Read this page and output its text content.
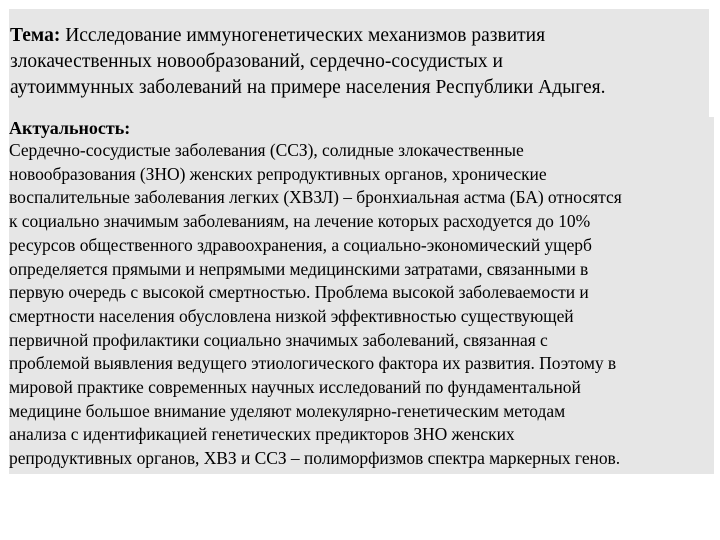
Тема: Исследование иммуногенетических механизмов развития
злокачественных новообразований, сердечно-сосудистых и
аутоиммунных заболеваний на примере населения Республики Адыгея.
Актуальность:
Сердечно-сосудистые заболевания (ССЗ), солидные злокачественные
новообразования (ЗНО) женских репродуктивных органов, хронические
воспалительные заболевания легких (ХВЗЛ) – бронхиальная астма (БА) относятся
к социально значимым заболеваниям, на лечение которых расходуется до 10%
ресурсов общественного здравоохранения, а социально-экономический ущерб
определяется прямыми и непрямыми медицинскими затратами, связанными в
первую очередь с высокой смертностью. Проблема высокой заболеваемости и
смертности населения обусловлена низкой эффективностью существующей
первичной профилактики социально значимых заболеваний, связанная с
проблемой выявления ведущего этиологического фактора их развития. Поэтому в
мировой практике современных научных исследований по фундаментальной
медицине большое внимание уделяют молекулярно-генетическим методам
анализа с идентификацией генетических предикторов ЗНО женских
репродуктивных органов, ХВЗ и ССЗ – полиморфизмов спектра маркерных генов.
